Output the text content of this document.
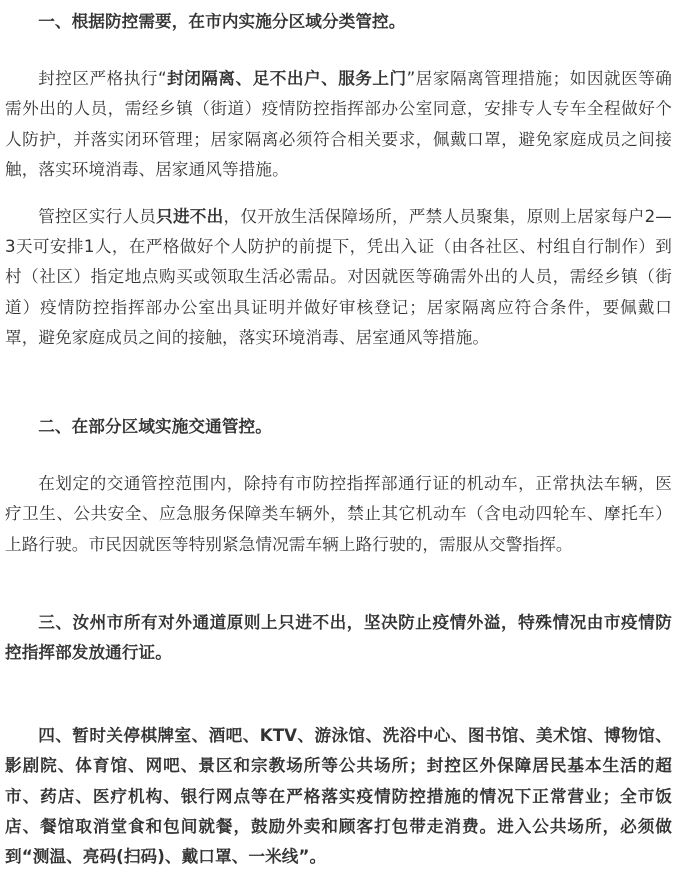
一、根据防控需要，在市内实施分区域分类管控。

封控区严格执行“封闭隔离、足不出户、服务上门”居家隔离管理措施；如因就医等确需外出的人员，需经乡镇（街道）疫情防控指挥部办公室同意，安排专人专车全程做好个人防护，并落实闭环管理；居家隔离必须符合相关要求，佩戴口罩，避免家庭成员之间接触，落实环境消毒、居家通风等措施。

管控区实行人员只进不出，仅开放生活保障场所，严禁人员聚集，原则上居家每户2—3天可安排1人，在严格做好个人防护的前提下，凭出入证（由各社区、村组自行制作）到村（社区）指定地点购买或领取生活必需品。对因就医等确需外出的人员，需经乡镇（街道）疫情防控指挥部办公室出具证明并做好审核登记；居家隔离应符合条件，要佩戴口罩，避免家庭成员之间的接触，落实环境消毒、居室通风等措施。

二、在部分区域实施交通管控。

在划定的交通管控范围内，除持有市防控指挥部通行证的机动车，正常执法车辆，医疗卫生、公共安全、应急服务保障类车辆外，禁止其它机动车（含电动四轮车、摩托车）上路行驶。市民因就医等特别紧急情况需车辆上路行驶的，需服从交警指挥。

三、汝州市所有对外通道原则上只进不出，坚决防止疫情外溢，特殊情况由市疫情防控指挥部发放通行证。

四、暂时关停棋牌室、酒吧、KTV、游泳馆、洗浴中心、图书馆、美术馆、博物馆、影剧院、体育馆、网吧、景区和宗教场所等公共场所；封控区外保障居民基本生活的超市、药店、医疗机构、银行网点等在严格落实疫情防控措施的情况下正常营业；全市饭店、餐馆取消堂食和包间就餐，鼓励外卖和顾客打包带走消费。进入公共场所，必须做到“测温、亮码(扫码)、戴口罩、一米线”。
